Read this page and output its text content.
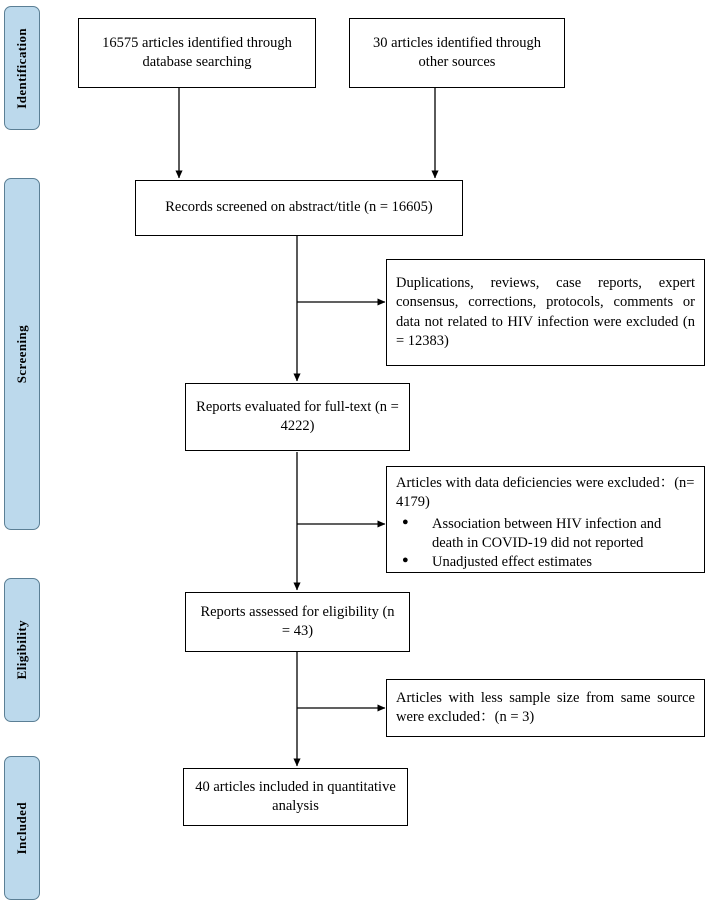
Identification
Screening
Eligibility
Included
16575 articles identified through database searching
30 articles identified through other sources
Records screened on abstract/title (n = 16605)
Duplications, reviews, case reports, expert consensus, corrections, protocols, comments or data not related to HIV infection were excluded (n = 12383)
Reports evaluated for full-text (n = 4222)
Articles with data deficiencies were excluded：(n= 4179)
● Association between HIV infection and death in COVID-19 did not reported
● Unadjusted effect estimates
Reports assessed for eligibility (n = 43)
Articles with less sample size from same source were excluded：(n = 3)
40 articles included in quantitative analysis
